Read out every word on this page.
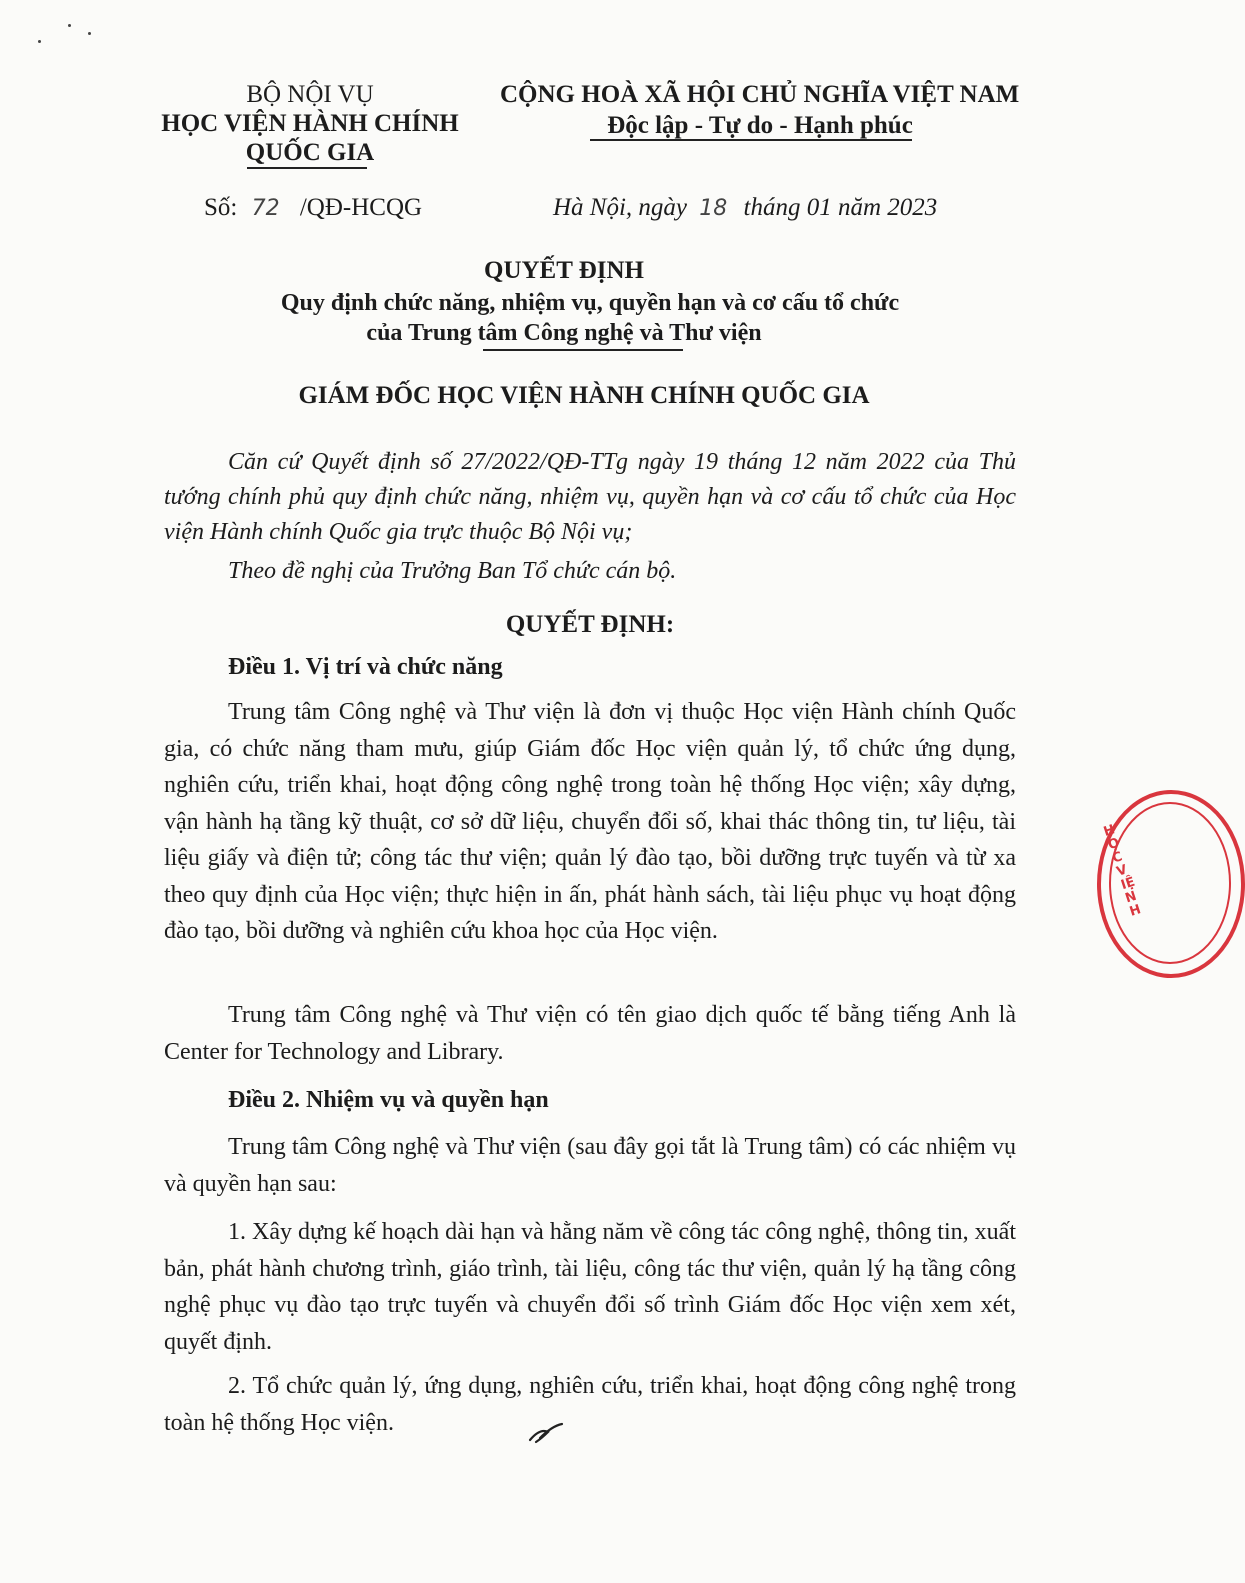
BỘ NỘI VỤ
HỌC VIỆN HÀNH CHÍNH
QUỐC GIA
CỘNG HOÀ XÃ HỘI CHỦ NGHĨA VIỆT NAM
Độc lập - Tự do - Hạnh phúc
Số: 72 /QĐ-HCQG	Hà Nội, ngày 18 tháng 01 năm 2023
QUYẾT ĐỊNH
Quy định chức năng, nhiệm vụ, quyền hạn và cơ cấu tổ chức
của Trung tâm Công nghệ và Thư viện
GIÁM ĐỐC HỌC VIỆN HÀNH CHÍNH QUỐC GIA
Căn cứ Quyết định số 27/2022/QĐ-TTg ngày 19 tháng 12 năm 2022 của Thủ tướng chính phủ quy định chức năng, nhiệm vụ, quyền hạn và cơ cấu tổ chức của Học viện Hành chính Quốc gia trực thuộc Bộ Nội vụ;
Theo đề nghị của Trưởng Ban Tổ chức cán bộ.
QUYẾT ĐỊNH:
Điều 1. Vị trí và chức năng
Trung tâm Công nghệ và Thư viện là đơn vị thuộc Học viện Hành chính Quốc gia, có chức năng tham mưu, giúp Giám đốc Học viện quản lý, tổ chức ứng dụng, nghiên cứu, triển khai, hoạt động công nghệ trong toàn hệ thống Học viện; xây dựng, vận hành hạ tầng kỹ thuật, cơ sở dữ liệu, chuyển đổi số, khai thác thông tin, tư liệu, tài liệu giấy và điện tử; công tác thư viện; quản lý đào tạo, bồi dưỡng trực tuyến và từ xa theo quy định của Học viện; thực hiện in ấn, phát hành sách, tài liệu phục vụ hoạt động đào tạo, bồi dưỡng và nghiên cứu khoa học của Học viện.
Trung tâm Công nghệ và Thư viện có tên giao dịch quốc tế bằng tiếng Anh là Center for Technology and Library.
Điều 2. Nhiệm vụ và quyền hạn
Trung tâm Công nghệ và Thư viện (sau đây gọi tắt là Trung tâm) có các nhiệm vụ và quyền hạn sau:
1. Xây dựng kế hoạch dài hạn và hằng năm về công tác công nghệ, thông tin, xuất bản, phát hành chương trình, giáo trình, tài liệu, công tác thư viện, quản lý hạ tầng công nghệ phục vụ đào tạo trực tuyến và chuyển đổi số trình Giám đốc Học viện xem xét, quyết định.
2. Tổ chức quản lý, ứng dụng, nghiên cứu, triển khai, hoạt động công nghệ trong toàn hệ thống Học viện.
HỌC VIỆN H
